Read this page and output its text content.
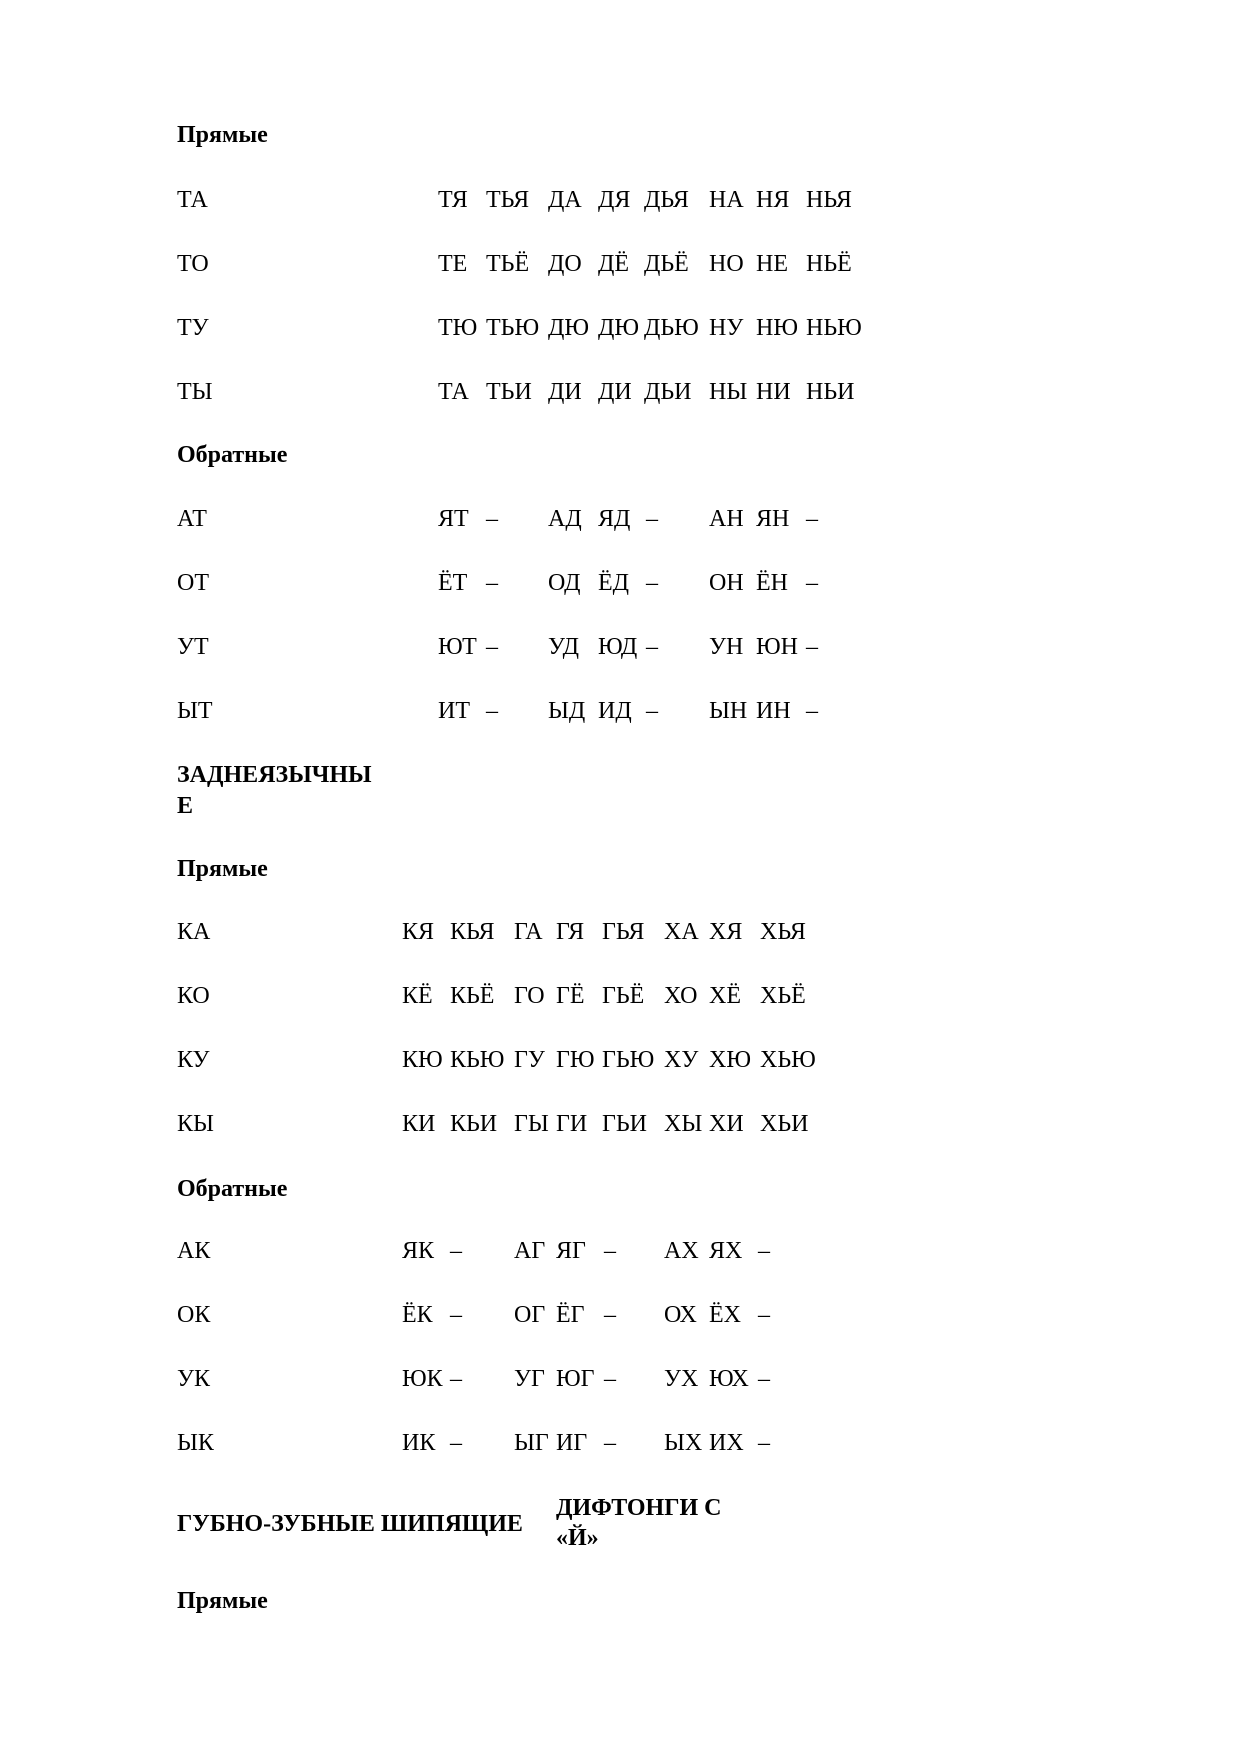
Прямые
Обратные
ЗАДНЕЯЗЫЧНЫ
Е
Прямые
Обратные
ГУБНО-ЗУБНЫЕ ШИПЯЩИЕ
ДИФТОНГИ С
«Й»
Прямые
ТА	ТЯ ТЬЯ ДА ДЯ ДЬЯ НА НЯ НЬЯ
ТО	ТЕ ТЬЁ ДО ДЁ ДЬЁ НО НЕ НЬЁ
ТУ	ТЮ ТЬЮ ДЮ ДЮ ДЬЮ НУ НЮ НЬЮ
ТЫ	ТА ТЬИ ДИ ДИ ДЬИ НЫ НИ НЬИ
АТ	ЯТ – АД ЯД – АН ЯН –
ОТ	ЁТ – ОД ЁД – ОН ЁН –
УТ	ЮТ – УД ЮД – УН ЮН –
ЫТ	ИТ – ЫД ИД – ЫН ИН –
КА	КЯ КЬЯ ГА ГЯ ГЬЯ ХА ХЯ ХЬЯ
КО	КЁ КЬЁ ГО ГЁ ГЬЁ ХО ХЁ ХЬЁ
КУ	КЮ КЬЮ ГУ ГЮ ГЬЮ ХУ ХЮ ХЬЮ
КЫ	КИ КЬИ ГЫ ГИ ГЬИ ХЫ ХИ ХЬИ
АК	ЯК – АГ ЯГ – АХ ЯХ –
ОК	ЁК – ОГ ЁГ – ОХ ЁХ –
УК	ЮК – УГ ЮГ – УХ ЮХ –
ЫК	ИК – ЫГ ИГ – ЫХ ИХ –
